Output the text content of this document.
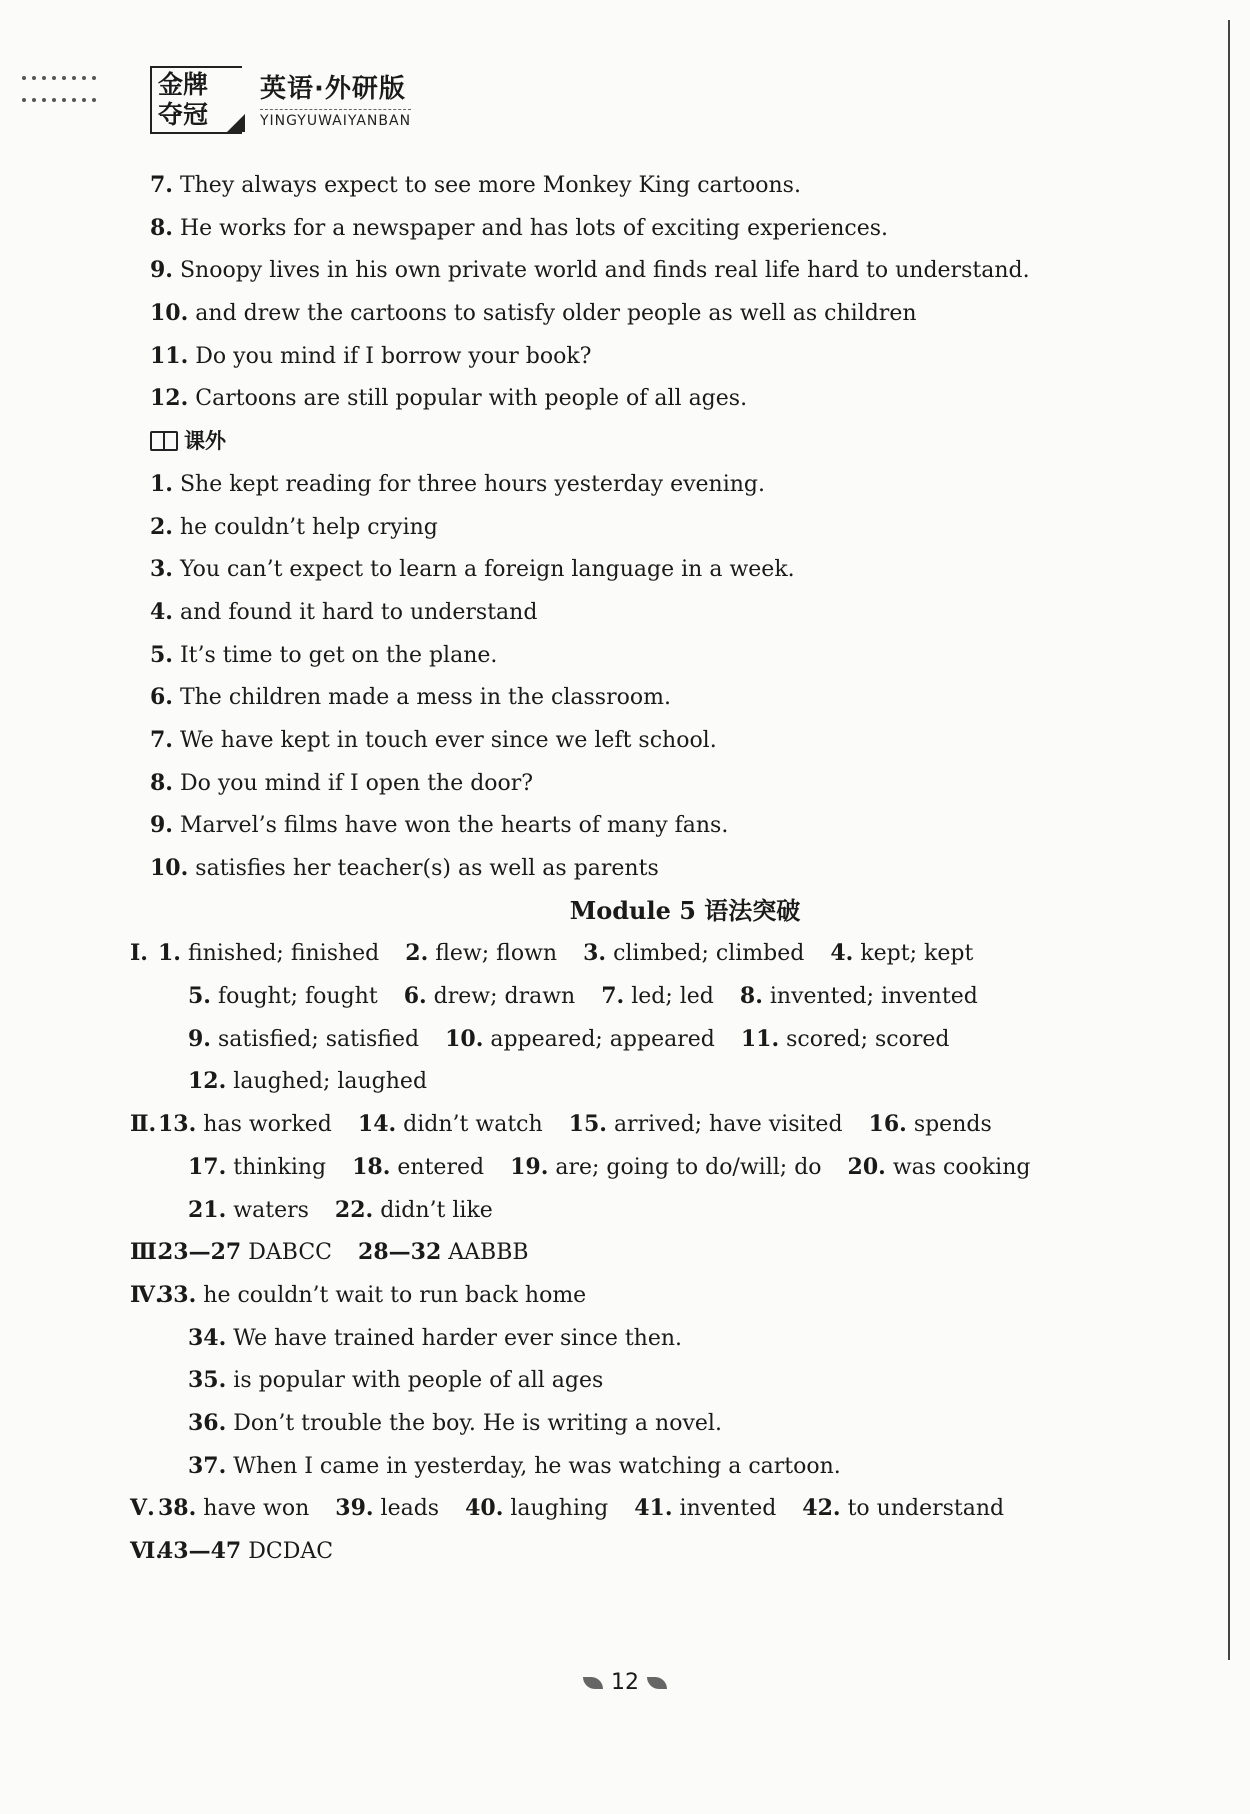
金牌
夺冠
英语·外研版
YINGYUWAIYANBAN
7. They always expect to see more Monkey King cartoons.
8. He works for a newspaper and has lots of exciting experiences.
9. Snoopy lives in his own private world and finds real life hard to understand.
10. and drew the cartoons to satisfy older people as well as children
11. Do you mind if I borrow your book?
12. Cartoons are still popular with people of all ages.
课外
1. She kept reading for three hours yesterday evening.
2. he couldn’t help crying
3. You can’t expect to learn a foreign language in a week.
4. and found it hard to understand
5. It’s time to get on the plane.
6. The children made a mess in the classroom.
7. We have kept in touch ever since we left school.
8. Do you mind if I open the door?
9. Marvel’s films have won the hearts of many fans.
10. satisfies her teacher(s) as well as parents
Module 5 语法突破
Ⅰ. 1. finished; finished 2. flew; flown 3. climbed; climbed 4. kept; kept
5. fought; fought 6. drew; drawn 7. led; led 8. invented; invented
9. satisfied; satisfied 10. appeared; appeared 11. scored; scored
12. laughed; laughed
Ⅱ.13. has worked 14. didn’t watch 15. arrived; have visited 16. spends
17. thinking 18. entered 19. are; going to do/will; do 20. was cooking
21. waters 22. didn’t like
Ⅲ.23—27 DABCC 28—32 AABBB
Ⅳ.33. he couldn’t wait to run back home
34. We have trained harder ever since then.
35. is popular with people of all ages
36. Don’t trouble the boy. He is writing a novel.
37. When I came in yesterday, he was watching a cartoon.
Ⅴ. 38. have won 39. leads 40. laughing 41. invented 42. to understand
Ⅵ.43—47 DCDAC
12
